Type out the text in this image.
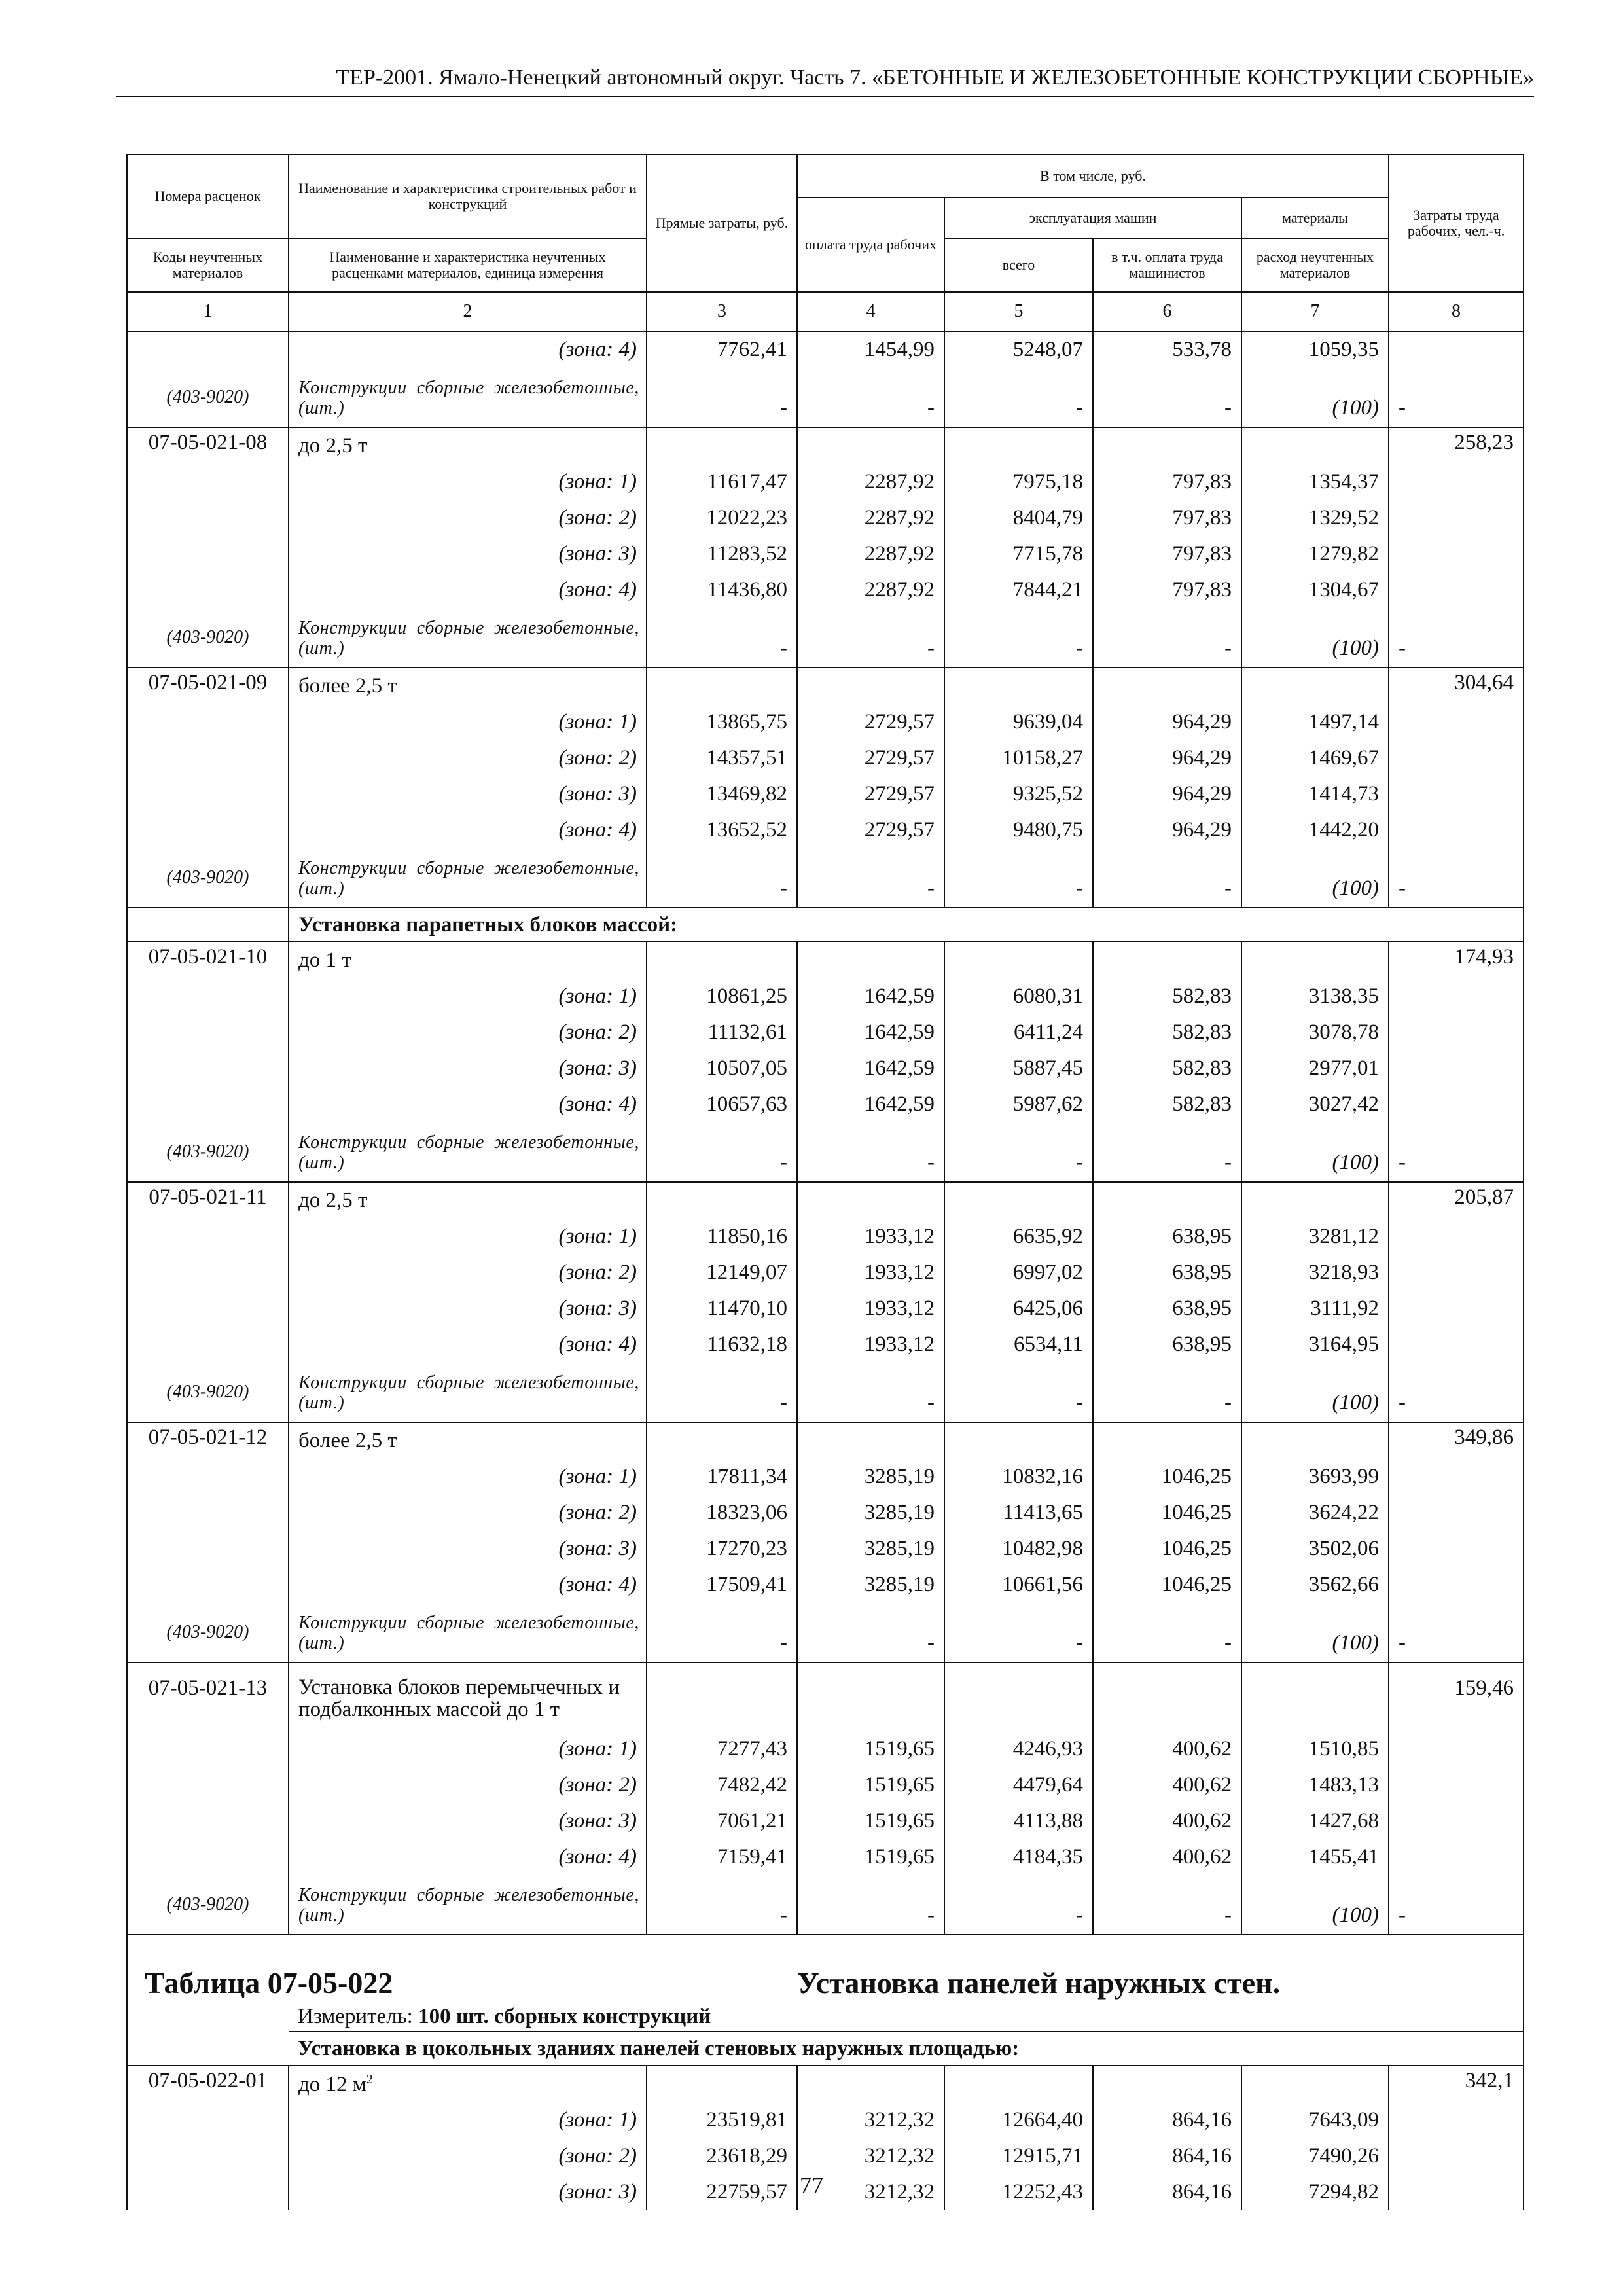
ТЕР-2001. Ямало-Ненецкий автономный округ. Часть 7. «БЕТОННЫЕ И ЖЕЛЕЗОБЕТОННЫЕ КОНСТРУКЦИИ СБОРНЫЕ»
Номера расценок	Наименование и характеристика строительных работ и конструкций	Прямые затраты, руб.	В том числе, руб.				Затраты труда рабочих, чел.-ч.
			оплата труда рабочих	эксплуатация машин		материалы	
Коды неучтенных материалов	Наименование и характеристика неучтенных расценками материалов, единица измерения			всего	в т.ч. оплата труда машинистов	расход неучтенных материалов	
1	2	3	4	5	6	7	8
	(зона: 4)	7762,41	1454,99	5248,07	533,78	1059,35	
(403-9020)	Конструкции сборные железобетонные, (шт.)	-	-	-	-	(100)	-
07-05-021-08	до 2,5 т						258,23
	(зона: 1)	11617,47	2287,92	7975,18	797,83	1354,37	
	(зона: 2)	12022,23	2287,92	8404,79	797,83	1329,52	
	(зона: 3)	11283,52	2287,92	7715,78	797,83	1279,82	
	(зона: 4)	11436,80	2287,92	7844,21	797,83	1304,67	
(403-9020)	Конструкции сборные железобетонные, (шт.)	-	-	-	-	(100)	-
07-05-021-09	более 2,5 т						304,64
	(зона: 1)	13865,75	2729,57	9639,04	964,29	1497,14	
	(зона: 2)	14357,51	2729,57	10158,27	964,29	1469,67	
	(зона: 3)	13469,82	2729,57	9325,52	964,29	1414,73	
	(зона: 4)	13652,52	2729,57	9480,75	964,29	1442,20	
(403-9020)	Конструкции сборные железобетонные, (шт.)	-	-	-	-	(100)	-
	Установка парапетных блоков массой:						
07-05-021-10	до 1 т						174,93
	(зона: 1)	10861,25	1642,59	6080,31	582,83	3138,35	
	(зона: 2)	11132,61	1642,59	6411,24	582,83	3078,78	
	(зона: 3)	10507,05	1642,59	5887,45	582,83	2977,01	
	(зона: 4)	10657,63	1642,59	5987,62	582,83	3027,42	
(403-9020)	Конструкции сборные железобетонные, (шт.)	-	-	-	-	(100)	-
07-05-021-11	до 2,5 т						205,87
	(зона: 1)	11850,16	1933,12	6635,92	638,95	3281,12	
	(зона: 2)	12149,07	1933,12	6997,02	638,95	3218,93	
	(зона: 3)	11470,10	1933,12	6425,06	638,95	3111,92	
	(зона: 4)	11632,18	1933,12	6534,11	638,95	3164,95	
(403-9020)	Конструкции сборные железобетонные, (шт.)	-	-	-	-	(100)	-
07-05-021-12	более 2,5 т						349,86
	(зона: 1)	17811,34	3285,19	10832,16	1046,25	3693,99	
	(зона: 2)	18323,06	3285,19	11413,65	1046,25	3624,22	
	(зона: 3)	17270,23	3285,19	10482,98	1046,25	3502,06	
	(зона: 4)	17509,41	3285,19	10661,56	1046,25	3562,66	
(403-9020)	Конструкции сборные железобетонные, (шт.)	-	-	-	-	(100)	-
07-05-021-13	Установка блоков перемычечных и подбалконных массой до 1 т						159,46
	(зона: 1)	7277,43	1519,65	4246,93	400,62	1510,85	
	(зона: 2)	7482,42	1519,65	4479,64	400,62	1483,13	
	(зона: 3)	7061,21	1519,65	4113,88	400,62	1427,68	
	(зона: 4)	7159,41	1519,65	4184,35	400,62	1455,41	
(403-9020)	Конструкции сборные железобетонные, (шт.)	-	-	-	-	(100)	-

Таблица 07-05-022			Установка панелей наружных стен.				
	Измеритель: 100 шт. сборных конструкций						
	Установка в цокольных зданиях панелей стеновых наружных площадью:						
07-05-022-01	до 12 $м^2$						342,1
	(зона: 1)	23519,81	3212,32	12664,40	864,16	7643,09	
	(зона: 2)	23618,29	3212,32	12915,71	864,16	7490,26	
	(зона: 3)	22759,57	3212,32	12252,43	864,16	7294,82	
77
